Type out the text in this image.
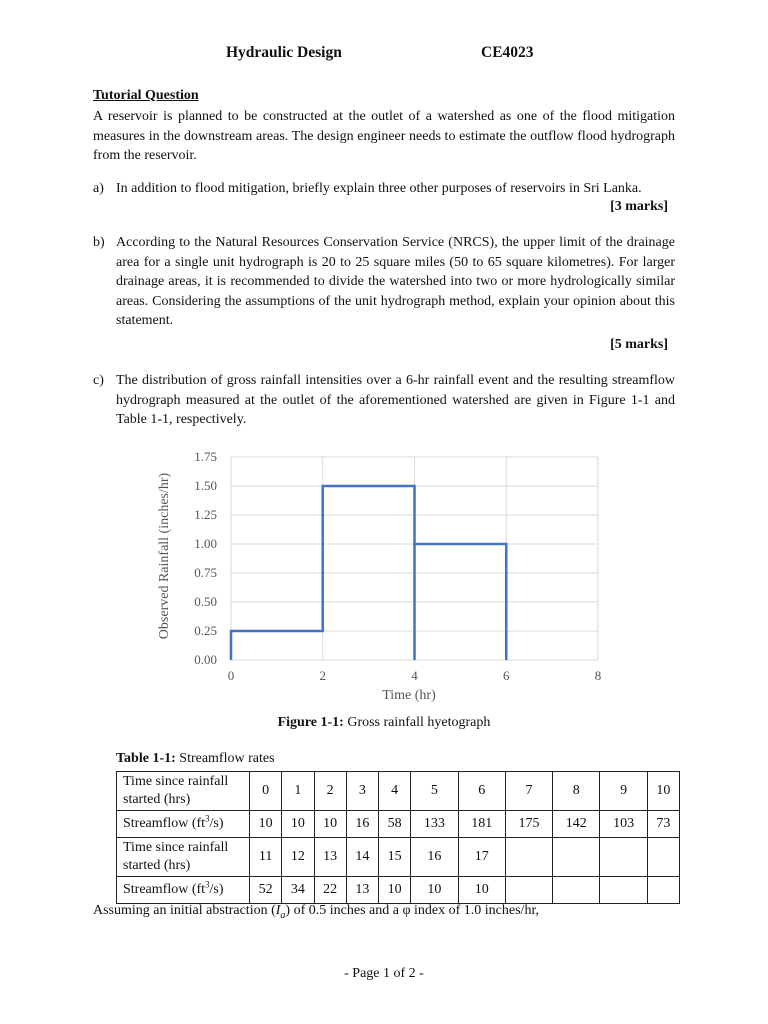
Hydraulic Design	CE4023
Tutorial Question
A reservoir is planned to be constructed at the outlet of a watershed as one of the flood mitigation measures in the downstream areas. The design engineer needs to estimate the outflow flood hydrograph from the reservoir.
a) In addition to flood mitigation, briefly explain three other purposes of reservoirs in Sri Lanka.
[3 marks]
b) According to the Natural Resources Conservation Service (NRCS), the upper limit of the drainage area for a single unit hydrograph is 20 to 25 square miles (50 to 65 square kilometres). For larger drainage areas, it is recommended to divide the watershed into two or more hydrologically similar areas. Considering the assumptions of the unit hydrograph method, explain your opinion about this statement.
[5 marks]
c) The distribution of gross rainfall intensities over a 6-hr rainfall event and the resulting streamflow hydrograph measured at the outlet of the aforementioned watershed are given in Figure 1-1 and Table 1-1, respectively.
0.00
0.25
0.50
0.75
1.00
1.25
1.50
1.75
0	2	4	6	8
Time (hr)
Observed Rainfall (inches/hr)
Figure 1-1: Gross rainfall hyetograph
Table 1-1: Streamflow rates
Time since rainfall started (hrs)	0	1	2	3	4	5	6	7	8	9	10
Streamflow $(ft^3/s)$	10	10	10	16	58	133	181	175	142	103	73
Time since rainfall started (hrs)	11	12	13	14	15	16	17				
Streamflow $(ft^3/s)$	52	34	22	13	10	10	10				
Assuming an initial abstraction $(I_a)$ of 0.5 inches and a φ index of 1.0 inches/hr,
- Page 1 of 2 -
